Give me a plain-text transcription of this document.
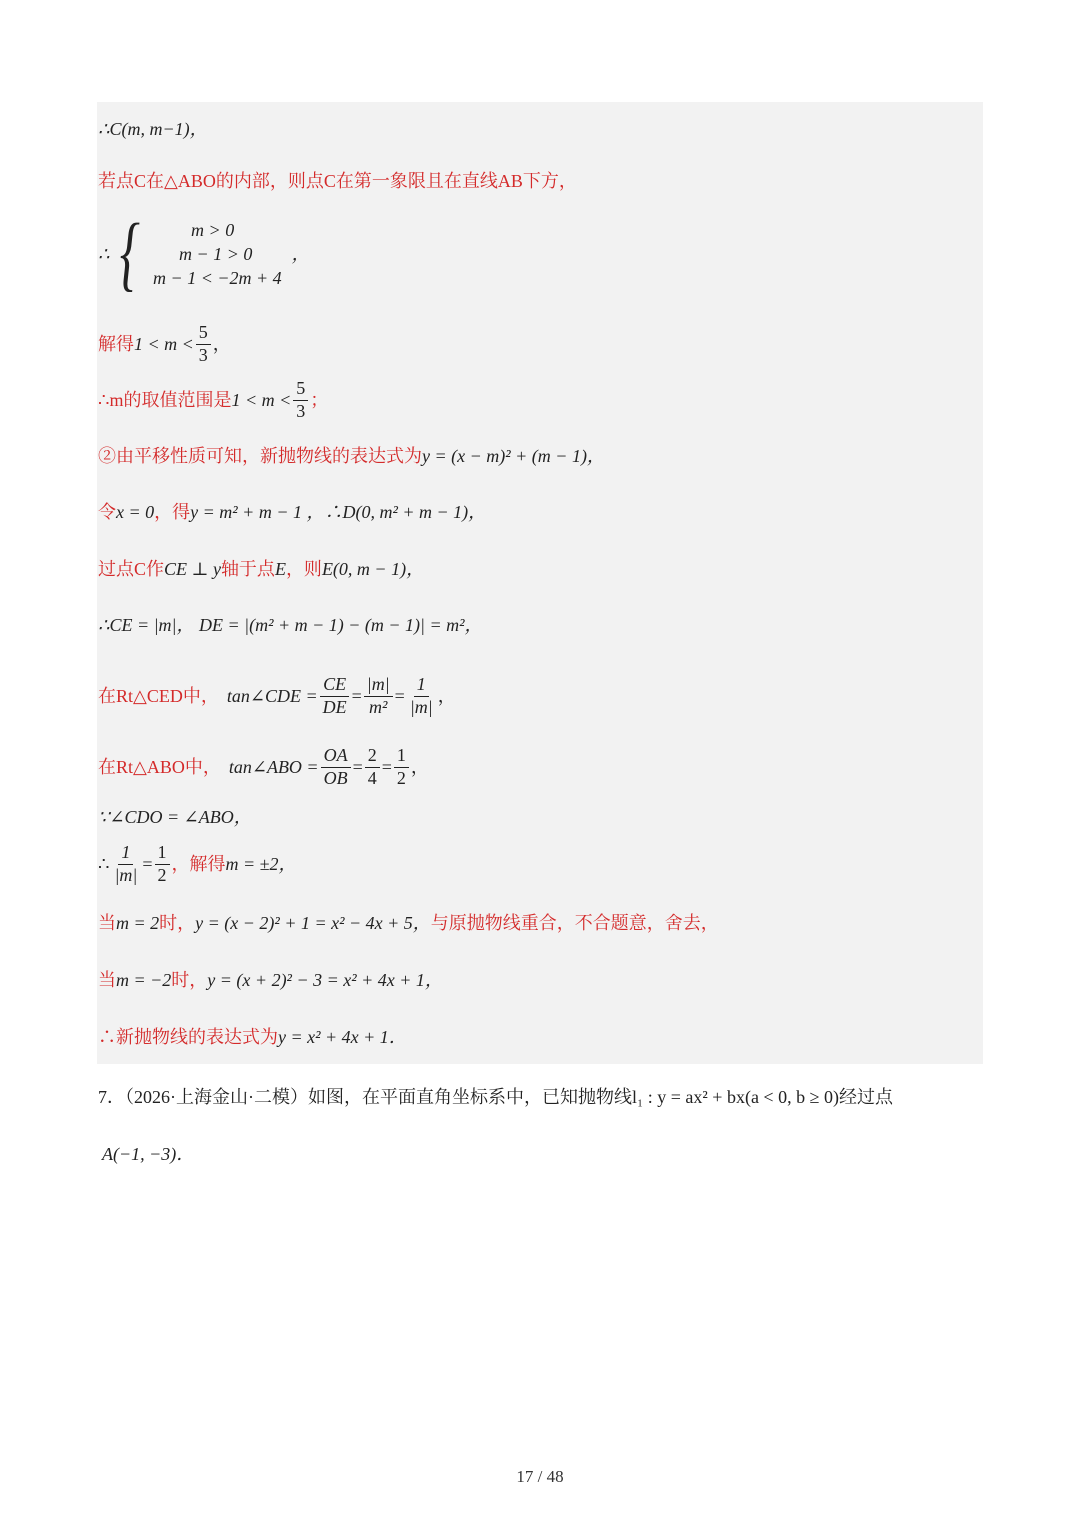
∴C(m, m−1)，
若点C在△ABO的内部，则点C在第一象限且在直线AB下方，
∴ {	m > 0
m − 1 > 0
m − 1 < −2m + 4
，
解得 $1 < m < \frac{5}{3}$ ，
∴m的取值范围是 $1 < m < \frac{5}{3}$ ；
②由平移性质可知，新抛物线的表达式为 y = (x − m)² + (m − 1)，
令 x = 0 ，得 y = m² + m − 1 ，∴D(0, m² + m − 1)，
过点C作 CE ⊥ y 轴于点 E ，则 E(0, m − 1)，
∴CE = |m|， DE = |(m² + m − 1) − (m − 1)| = m²，
在Rt△CED中， tan∠CDE = $\frac{CE}{DE} = \frac{|m|}{\text{m²}} = \frac{1}{|m|}$ ，
在Rt△ABO中， tan∠ABO = $\frac{OA}{OB} = \frac{2}{4} = \frac{1}{2}$ ，
∵∠CDO = ∠ABO，
∴ $\frac{1}{|m|} = \frac{1}{2}$ ，解得 m = ±2，
当 m = 2 时， y = (x − 2)² + 1 = x² − 4x + 5， 与原抛物线重合，不合题意，舍去，
当 m = −2 时， y = (x + 2)² − 3 = x² + 4x + 1，
∴新抛物线的表达式为 y = x² + 4x + 1．
7．（2026·上海金山·二模）如图，在平面直角坐标系中，已知抛物线l₁ : y = ax² + bx(a < 0, b ≥ 0)经过点
A(−1, −3)．
17 / 48
